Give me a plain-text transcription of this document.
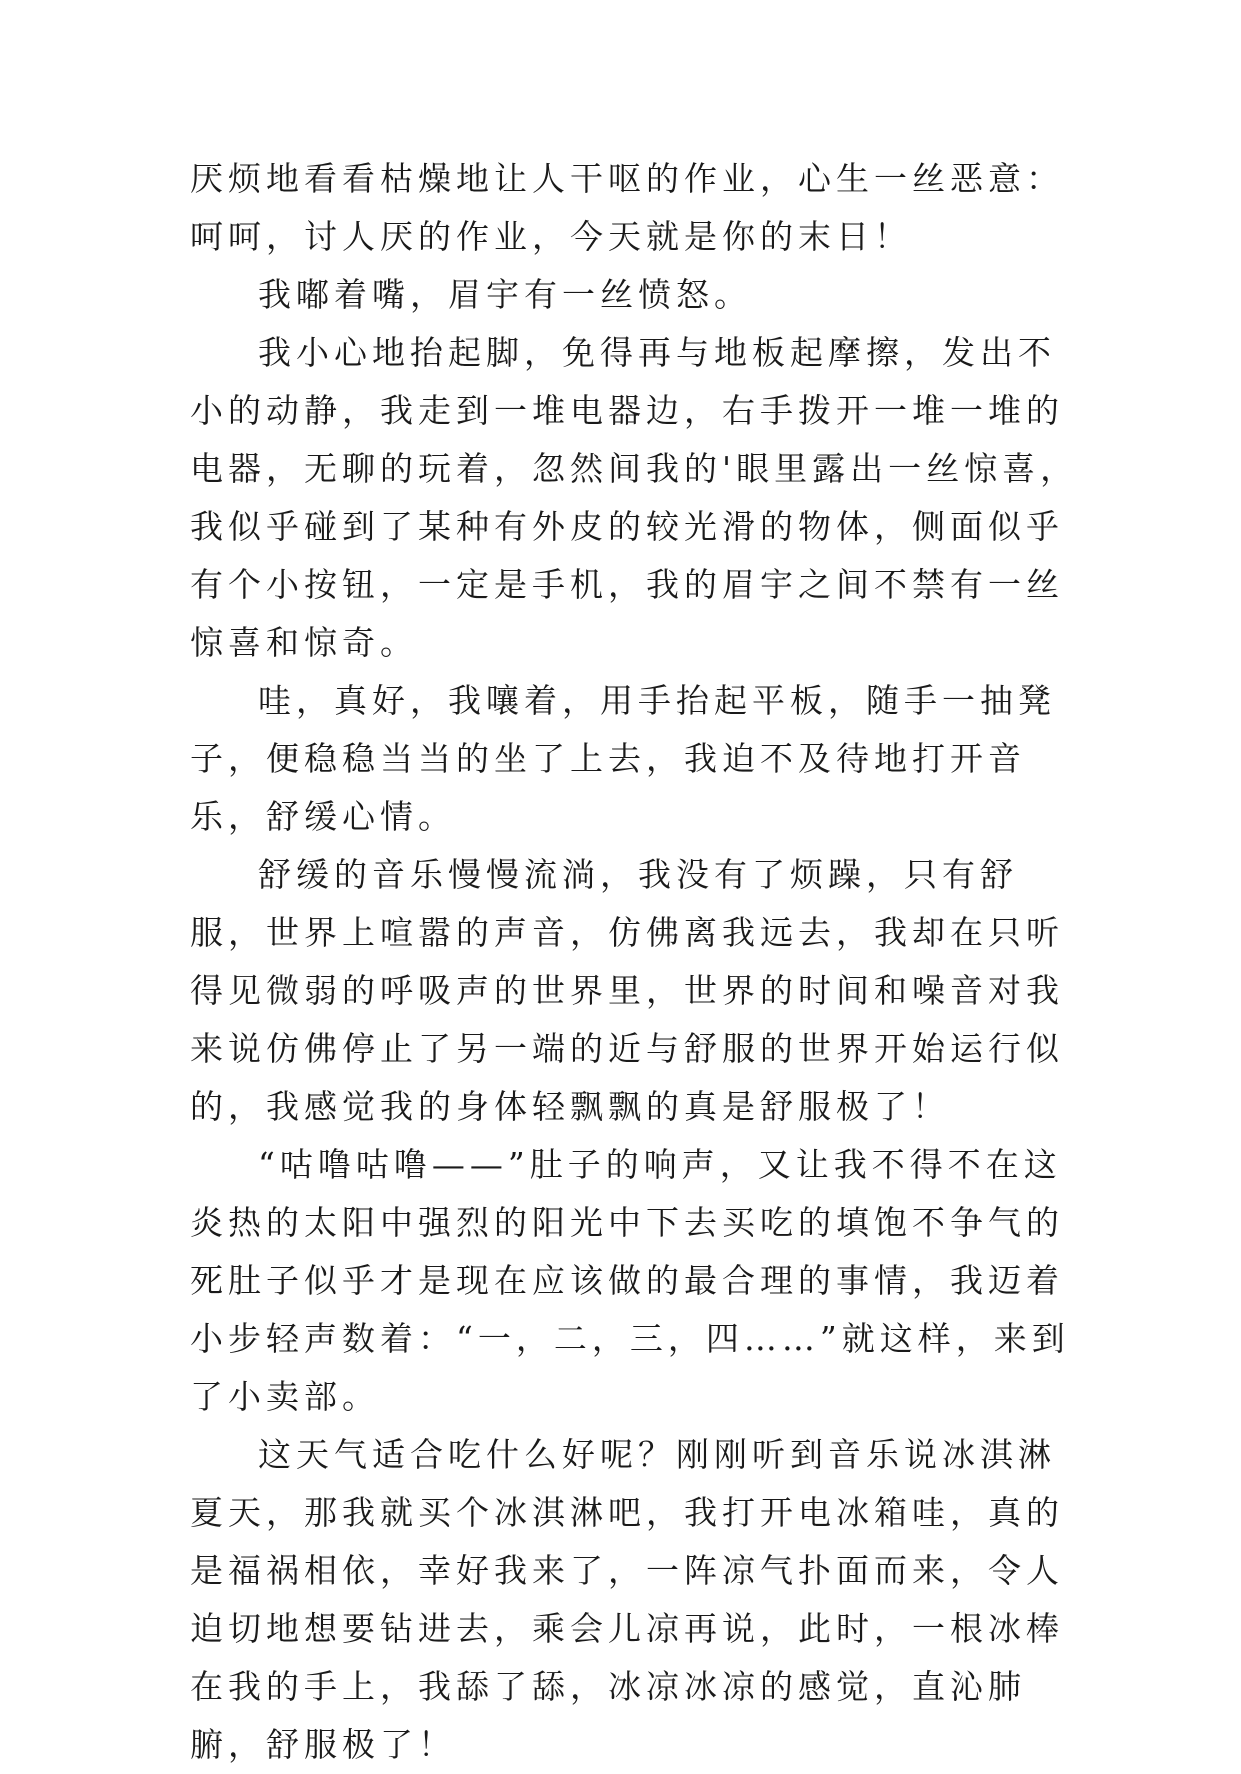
厌烦地看看枯燥地让人干呕的作业，心生一丝恶意：呵呵，讨人厌的作业，今天就是你的末日！

我嘟着嘴，眉宇有一丝愤怒。

我小心地抬起脚，免得再与地板起摩擦，发出不小的动静，我走到一堆电器边，右手拨开一堆一堆的电器，无聊的玩着，忽然间我的'眼里露出一丝惊喜，我似乎碰到了某种有外皮的较光滑的物体，侧面似乎有个小按钮，一定是手机，我的眉宇之间不禁有一丝惊喜和惊奇。

哇，真好，我嚷着，用手抬起平板，随手一抽凳子，便稳稳当当的坐了上去，我迫不及待地打开音乐，舒缓心情。

舒缓的音乐慢慢流淌，我没有了烦躁，只有舒服，世界上喧嚣的声音，仿佛离我远去，我却在只听得见微弱的呼吸声的世界里，世界的时间和噪音对我来说仿佛停止了另一端的近与舒服的世界开始运行似的，我感觉我的身体轻飘飘的真是舒服极了！

“咕噜咕噜——”肚子的响声，又让我不得不在这炎热的太阳中强烈的阳光中下去买吃的填饱不争气的死肚子似乎才是现在应该做的最合理的事情，我迈着小步轻声数着：“一，二，三，四……”就这样，来到了小卖部。

这天气适合吃什么好呢？刚刚听到音乐说冰淇淋夏天，那我就买个冰淇淋吧，我打开电冰箱哇，真的是福祸相依，幸好我来了，一阵凉气扑面而来，令人迫切地想要钻进去，乘会儿凉再说，此时，一根冰棒在我的手上，我舔了舔，冰凉冰凉的感觉，直沁肺腑，舒服极了！
